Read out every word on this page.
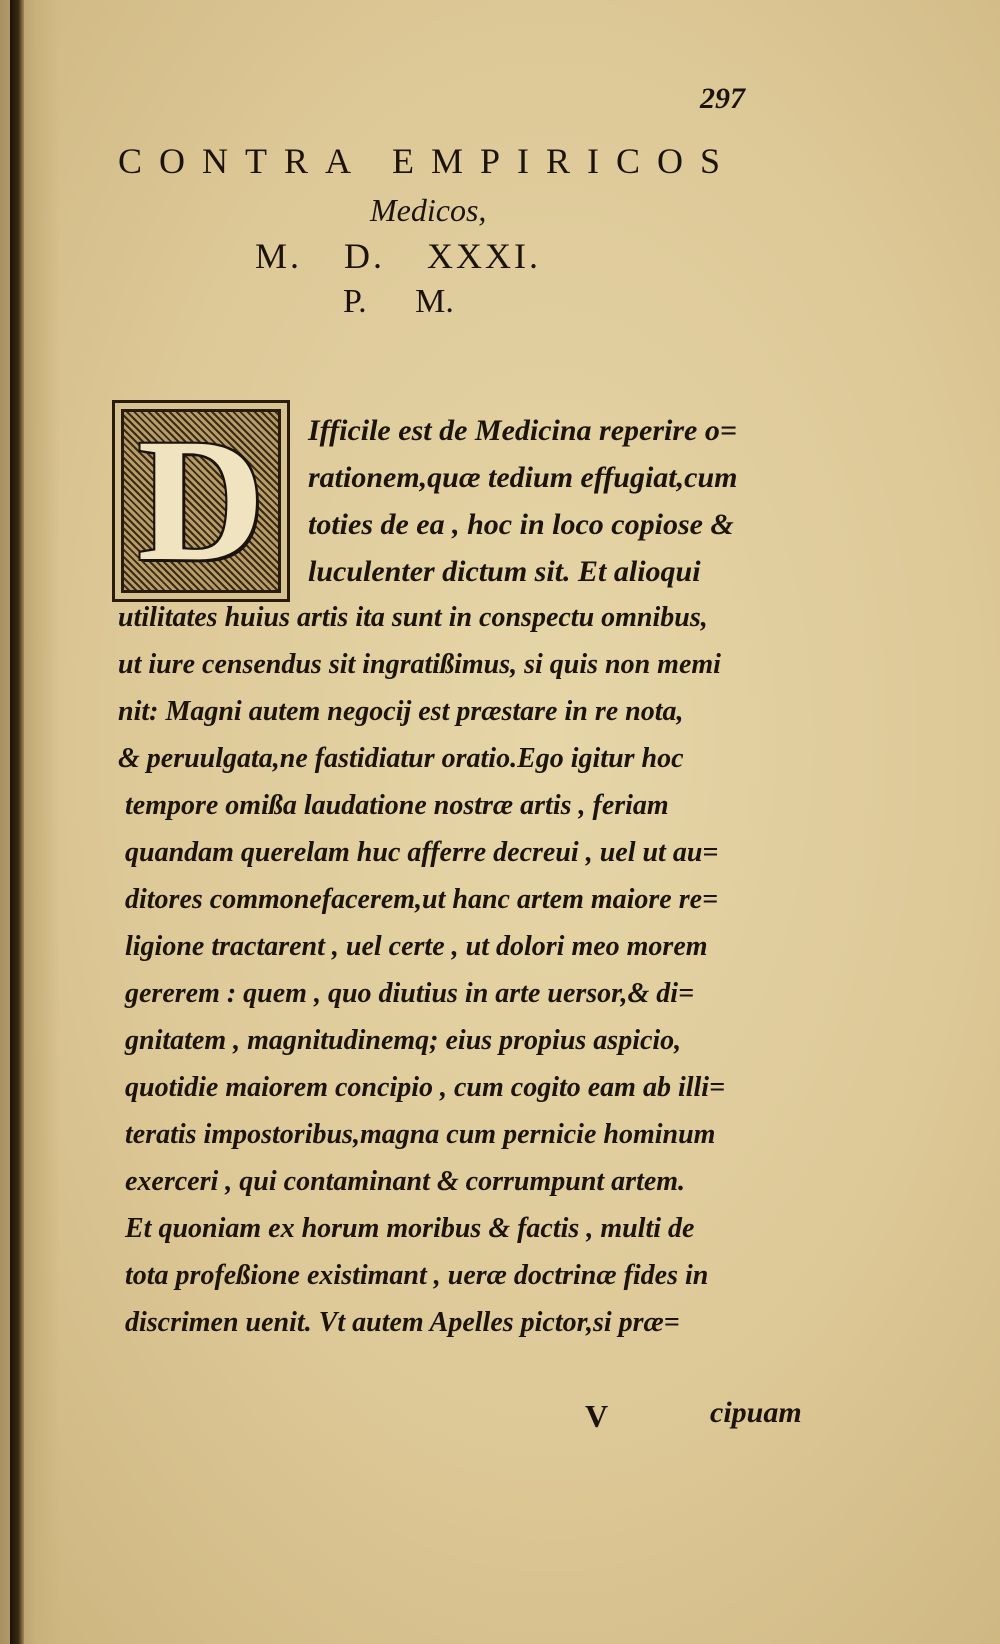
297
CONTRA EMPIRICOS
Medicos,
M. D. XXXI.
P. M.
D	Ifficile est de Medicina reperire o=
rationem,quæ tedium effugiat,cum
toties de ea , hoc in loco copiose &
luculenter dictum sit. Et alioqui
utilitates huius artis ita sunt in conspectu omnibus,
ut iure censendus sit ingratißimus, si quis non memi
nit: Magni autem negocij est præstare in re nota,
& peruulgata,ne fastidiatur oratio.Ego igitur hoc
tempore omißa laudatione nostræ artis , feriam
quandam querelam huc afferre decreui , uel ut au=
ditores commonefacerem,ut hanc artem maiore re=
ligione tractarent , uel certe , ut dolori meo morem
gererem : quem , quo diutius in arte uersor,& di=
gnitatem , magnitudinemq; eius propius aspicio,
quotidie maiorem concipio , cum cogito eam ab illi=
teratis impostoribus,magna cum pernicie hominum
exerceri , qui contaminant & corrumpunt artem.
Et quoniam ex horum moribus & factis , multi de
tota profeßione existimant , ueræ doctrinæ fides in
discrimen uenit. Vt autem Apelles pictor,si præ=
V	cipuam
